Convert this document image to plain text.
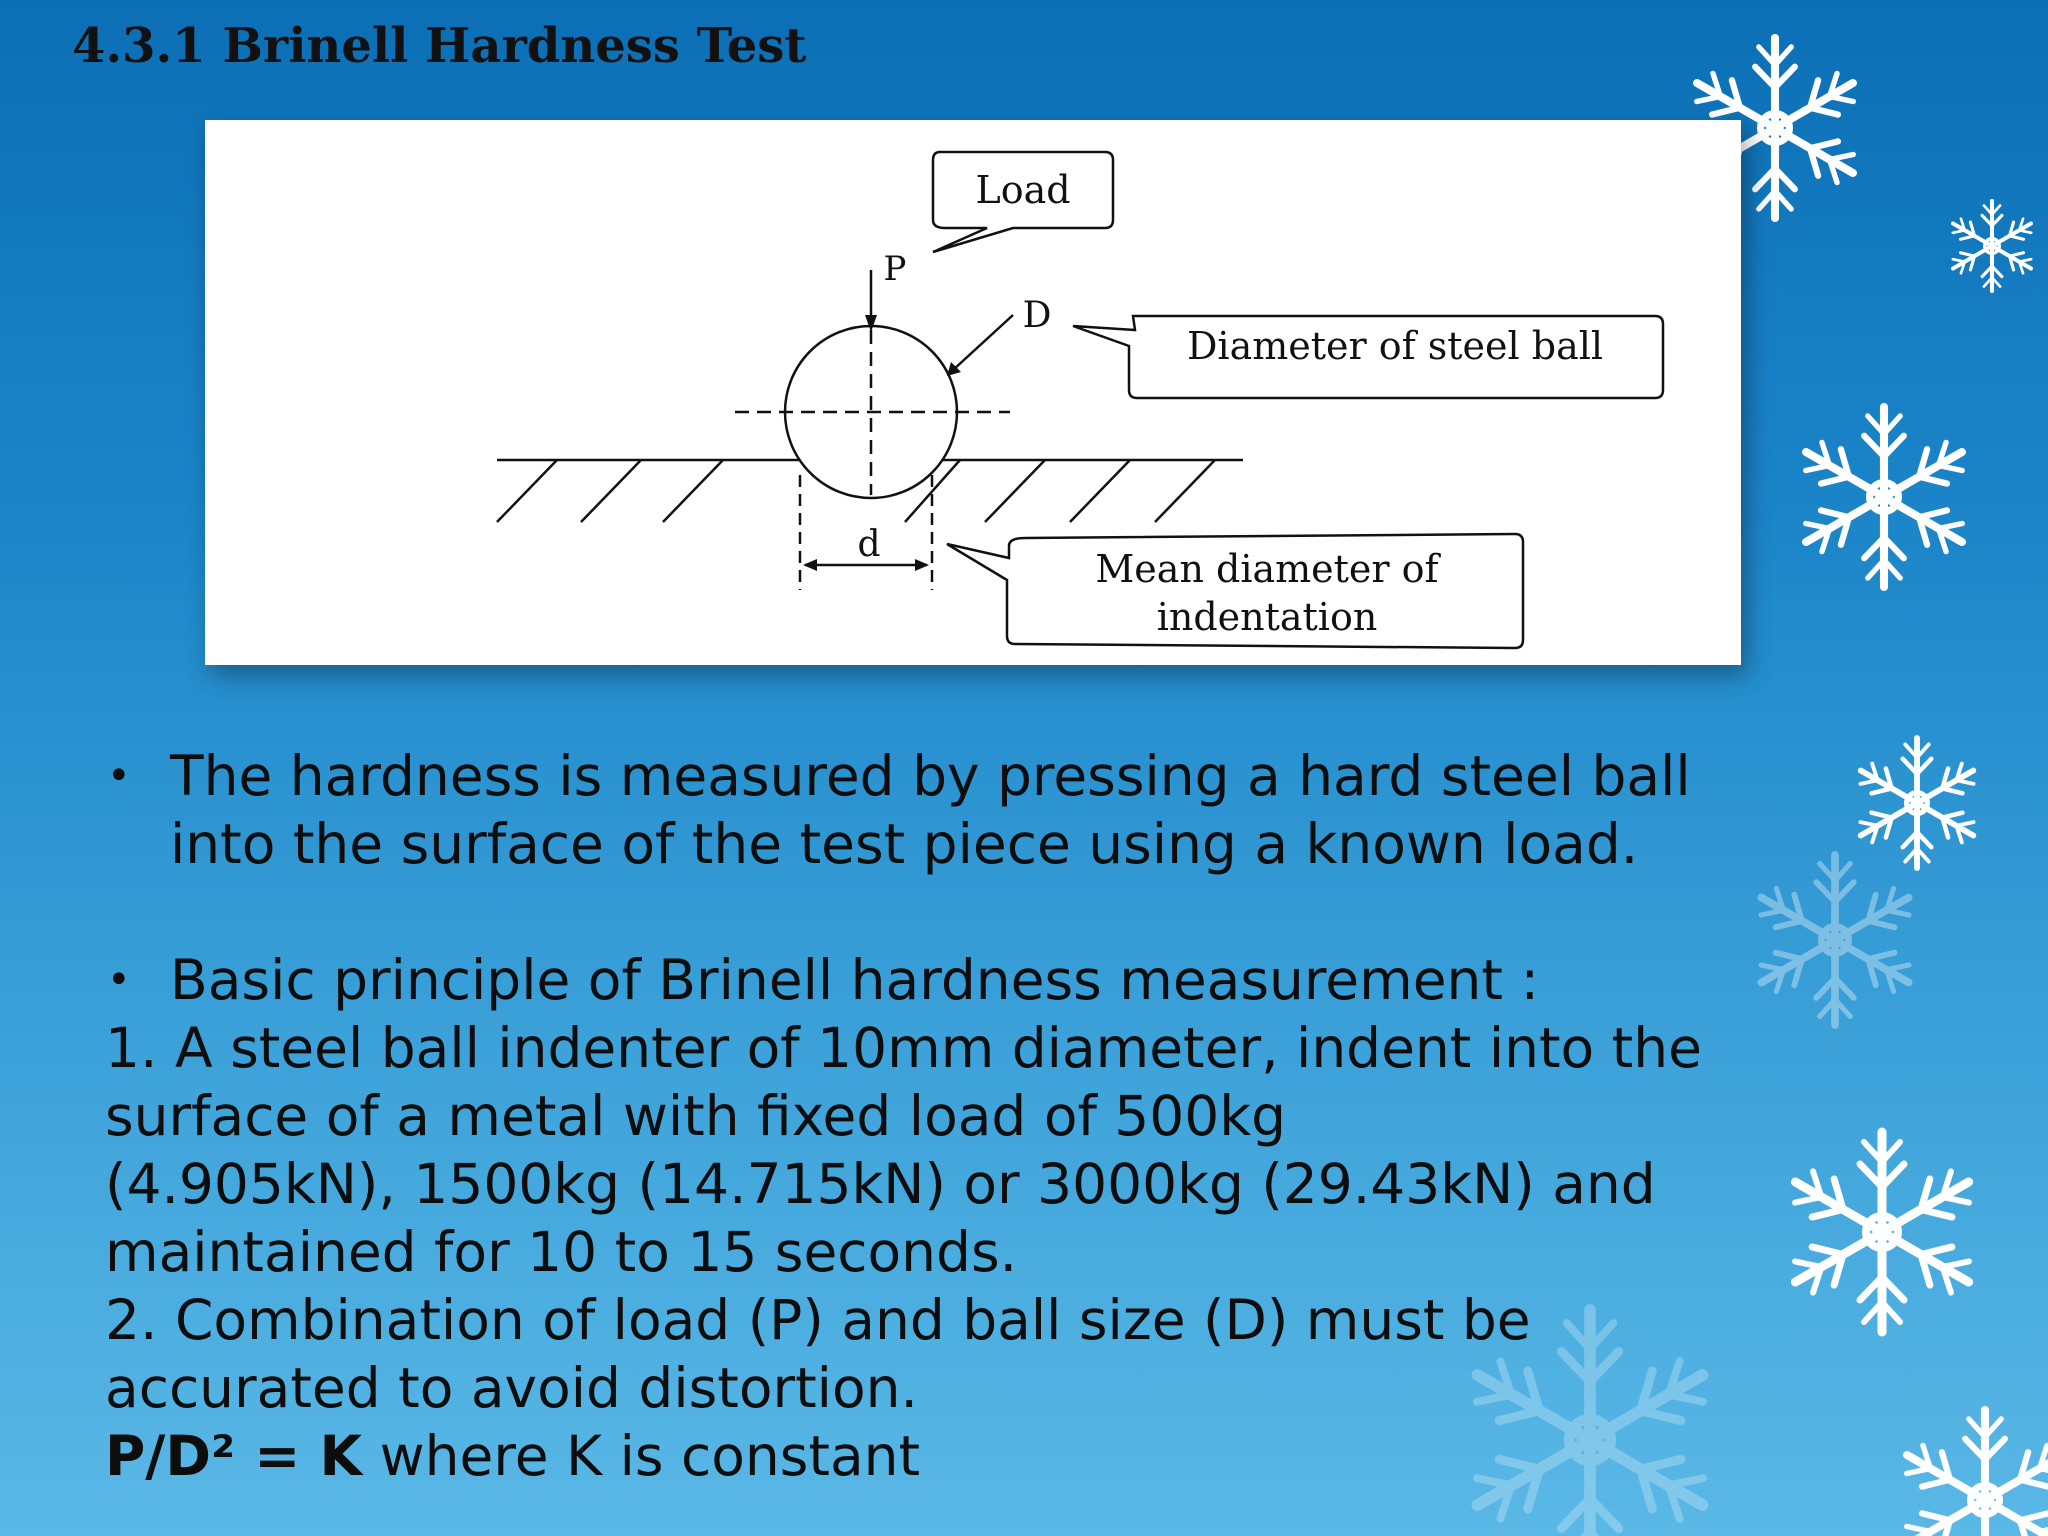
4.3.1 Brinell Hardness Test
Load
P
D
Diameter of steel ball
d
Mean diameter of
indentation
• The hardness is measured by pressing a hard steel ball
into the surface of the test piece using a known load.
• Basic principle of Brinell hardness measurement :
1. A steel ball indenter of 10mm diameter, indent into the
surface of a metal with fixed load of 500kg
(4.905kN), 1500kg (14.715kN) or 3000kg (29.43kN) and
maintained for 10 to 15 seconds.
2. Combination of load (P) and ball size (D) must be
accurated to avoid distortion.
P/D² = K where K is constant
